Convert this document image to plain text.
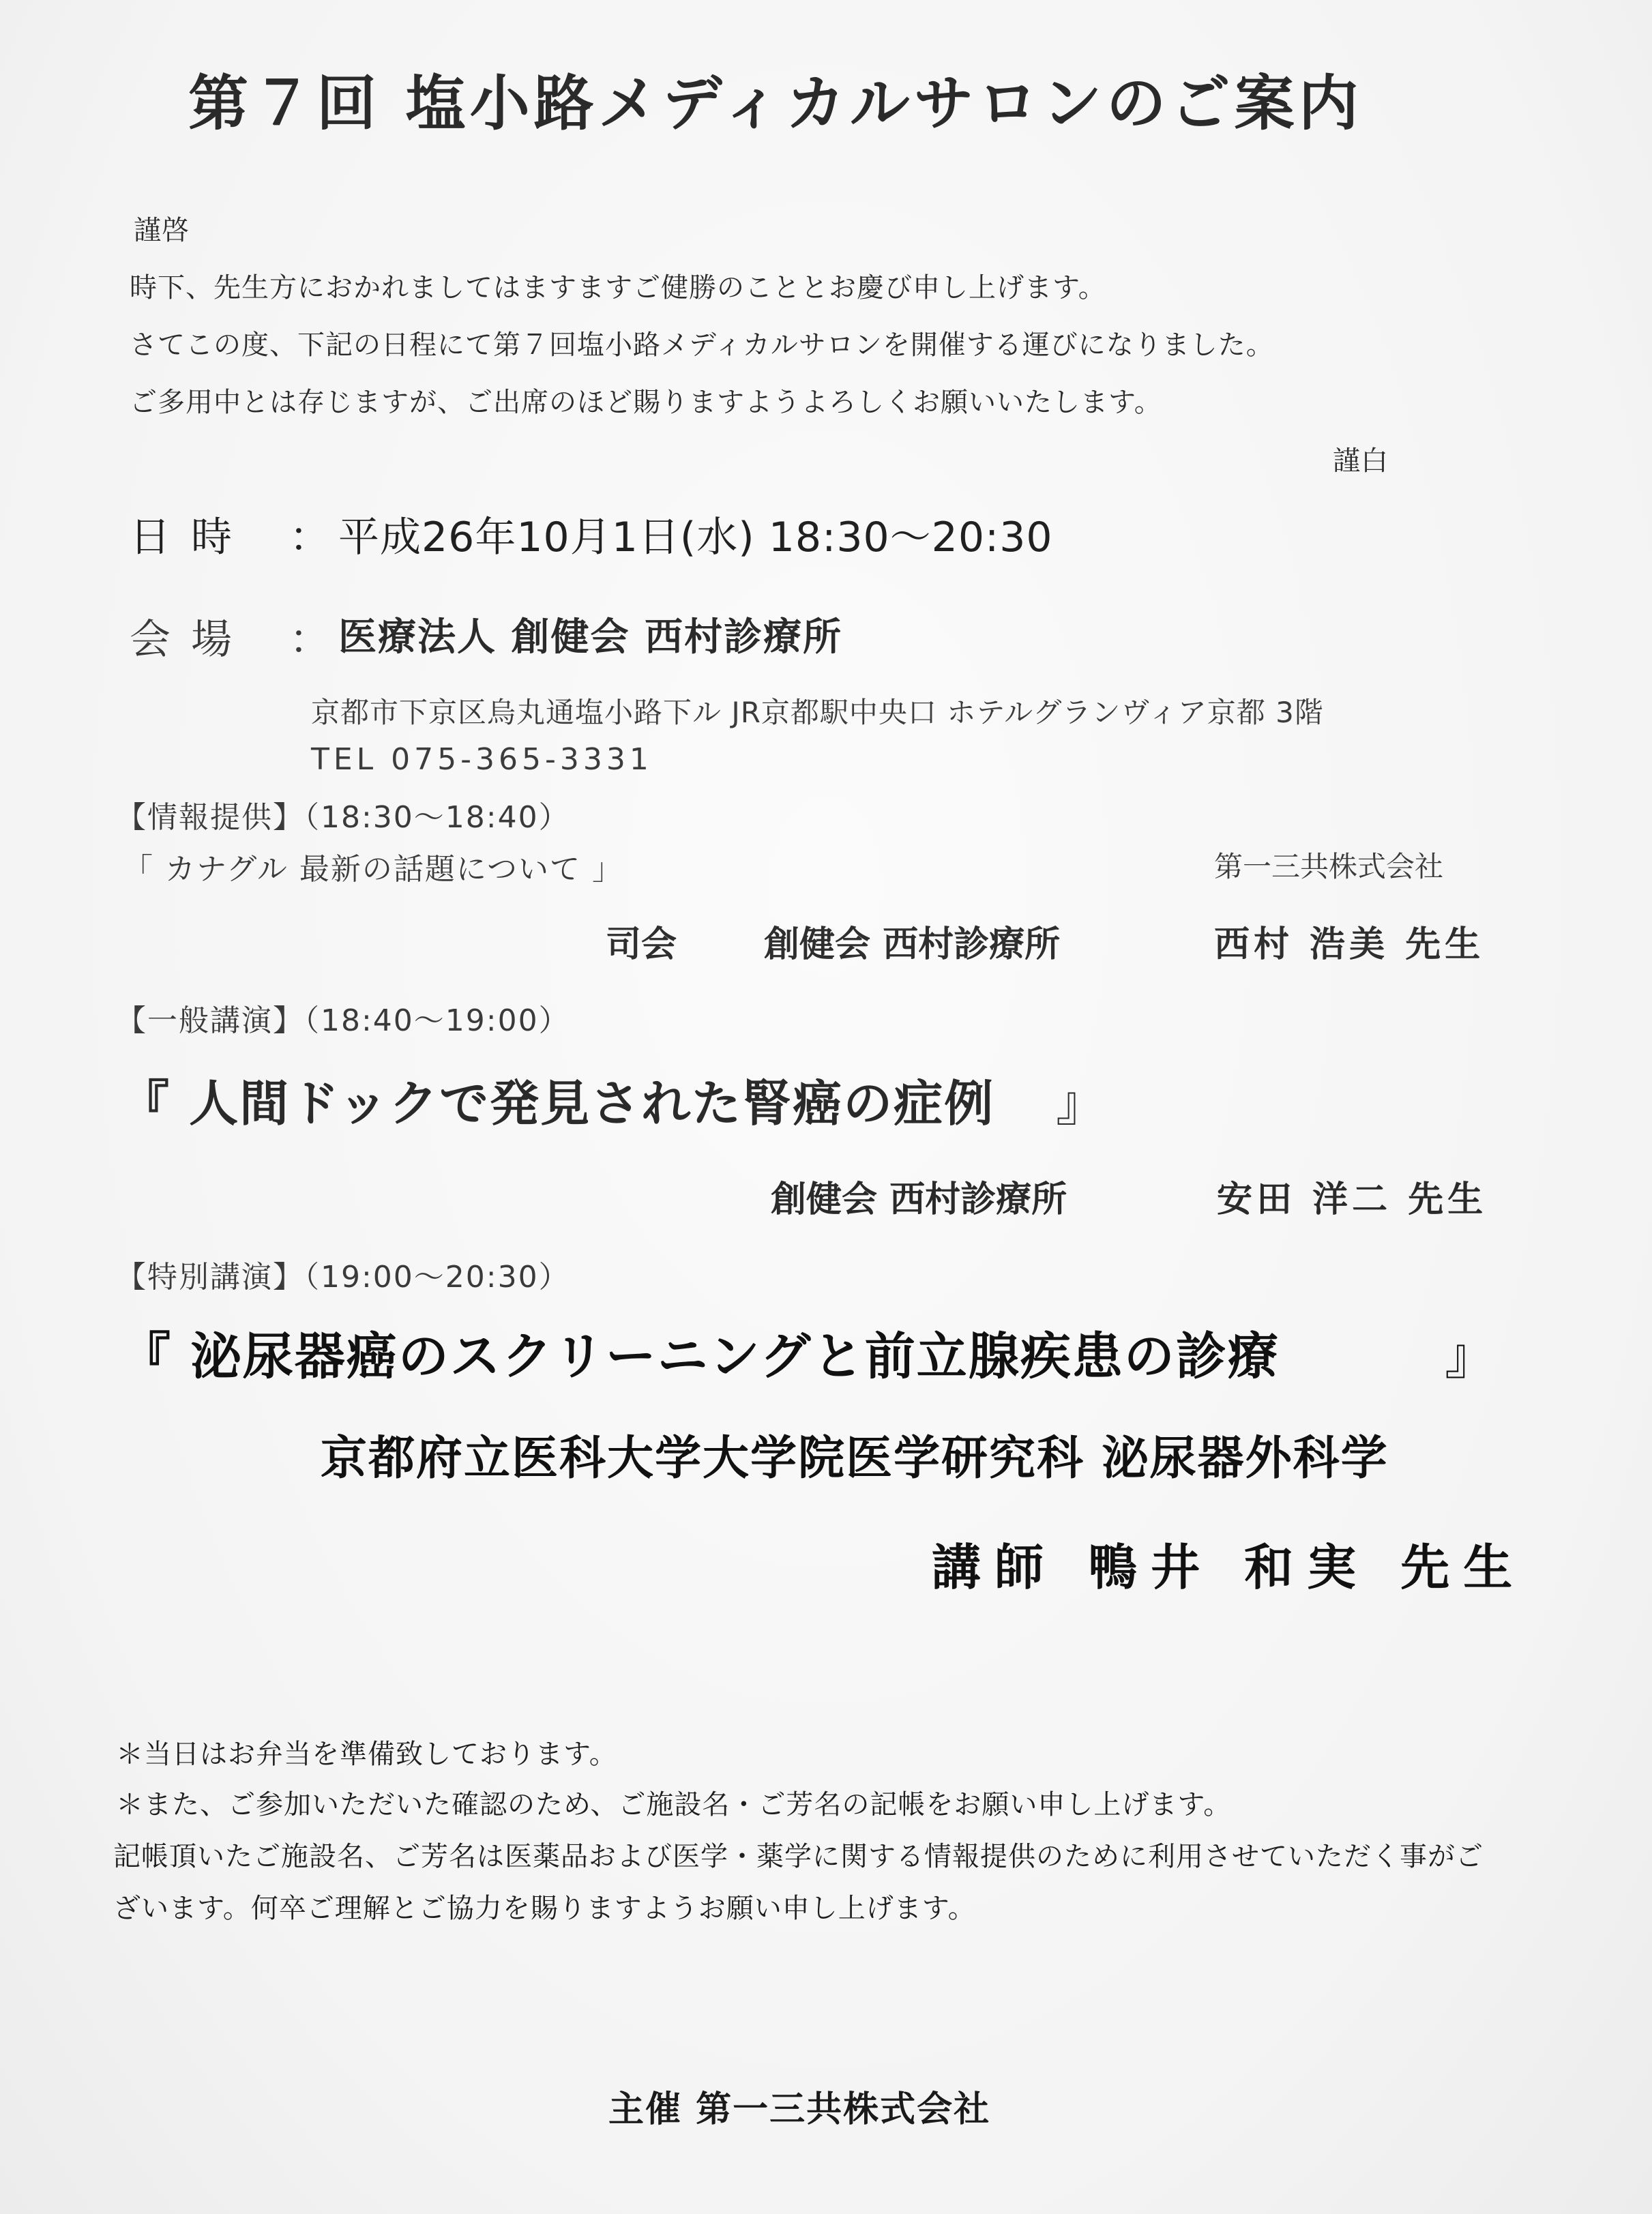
第７回 塩小路メディカルサロンのご案内
謹啓
時下、先生方におかれましてはますますご健勝のこととお慶び申し上げます。
さてこの度、下記の日程にて第７回塩小路メディカルサロンを開催する運びになりました。
ご多用中とは存じますが、ご出席のほど賜りますようよろしくお願いいたします。
謹白
日時 ： 平成26年10月1日(水) 18:30〜20:30
会場 ： 医療法人 創健会 西村診療所
京都市下京区烏丸通塩小路下ル JR京都駅中央口 ホテルグランヴィア京都 3階
TEL 075-365-3331
【情報提供】（18:30〜18:40）
「 カナグル 最新の話題について 」	第一三共株式会社
司会 創健会 西村診療所	西村 浩美 先生
【一般講演】（18:40〜19:00）
『 人間ドックで発見された腎癌の症例 』
創健会 西村診療所	安田 洋二 先生
【特別講演】（19:00〜20:30）
『 泌尿器癌のスクリーニングと前立腺疾患の診療	』
京都府立医科大学大学院医学研究科 泌尿器外科学
講師 鴨井 和実 先生
＊当日はお弁当を準備致しております。
＊また、ご参加いただいた確認のため、ご施設名・ご芳名の記帳をお願い申し上げます。
記帳頂いたご施設名、ご芳名は医薬品および医学・薬学に関する情報提供のために利用させていただく事がご
ざいます。何卒ご理解とご協力を賜りますようお願い申し上げます。
主催 第一三共株式会社
